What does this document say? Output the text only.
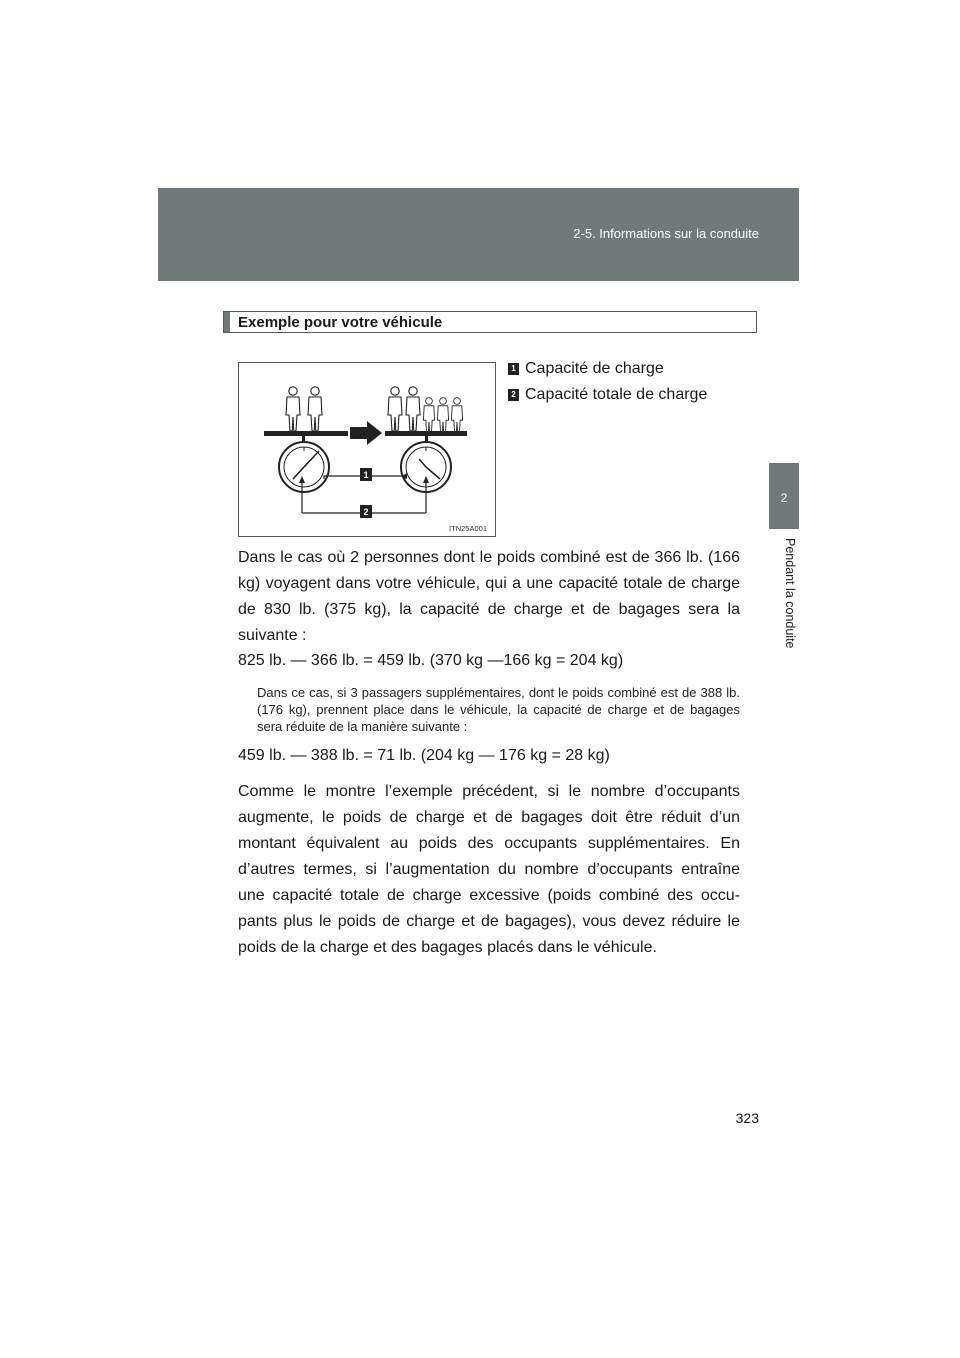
2-5. Informations sur la conduite
2
Pendant la conduite
Exemple pour votre véhicule
1
2
ITN25A001
1 Capacité de charge
2 Capacité totale de charge

Dans le cas où 2 personnes dont le poids combiné est de 366 lb. (166 kg) voyagent dans votre véhicule, qui a une capacité totale de charge de 830 lb. (375 kg), la capacité de charge et de bagages sera la suivante :

825 lb. — 366 lb. = 459 lb. (370 kg —166 kg = 204 kg)

Dans ce cas, si 3 passagers supplémentaires, dont le poids combiné est de 388 lb. (176 kg), prennent place dans le véhicule, la capacité de charge et de bagages sera réduite de la manière suivante :

459 lb. — 388 lb. = 71 lb. (204 kg — 176 kg = 28 kg)

Comme le montre l’exemple précédent, si le nombre d’occupants augmente, le poids de charge et de bagages doit être réduit d’un montant équivalent au poids des occupants supplémentaires. En d’autres termes, si l’augmentation du nombre d’occupants entraîne une capacité totale de charge excessive (poids combiné des occu-pants plus le poids de charge et de bagages), vous devez réduire le poids de la charge et des bagages placés dans le véhicule.

323
